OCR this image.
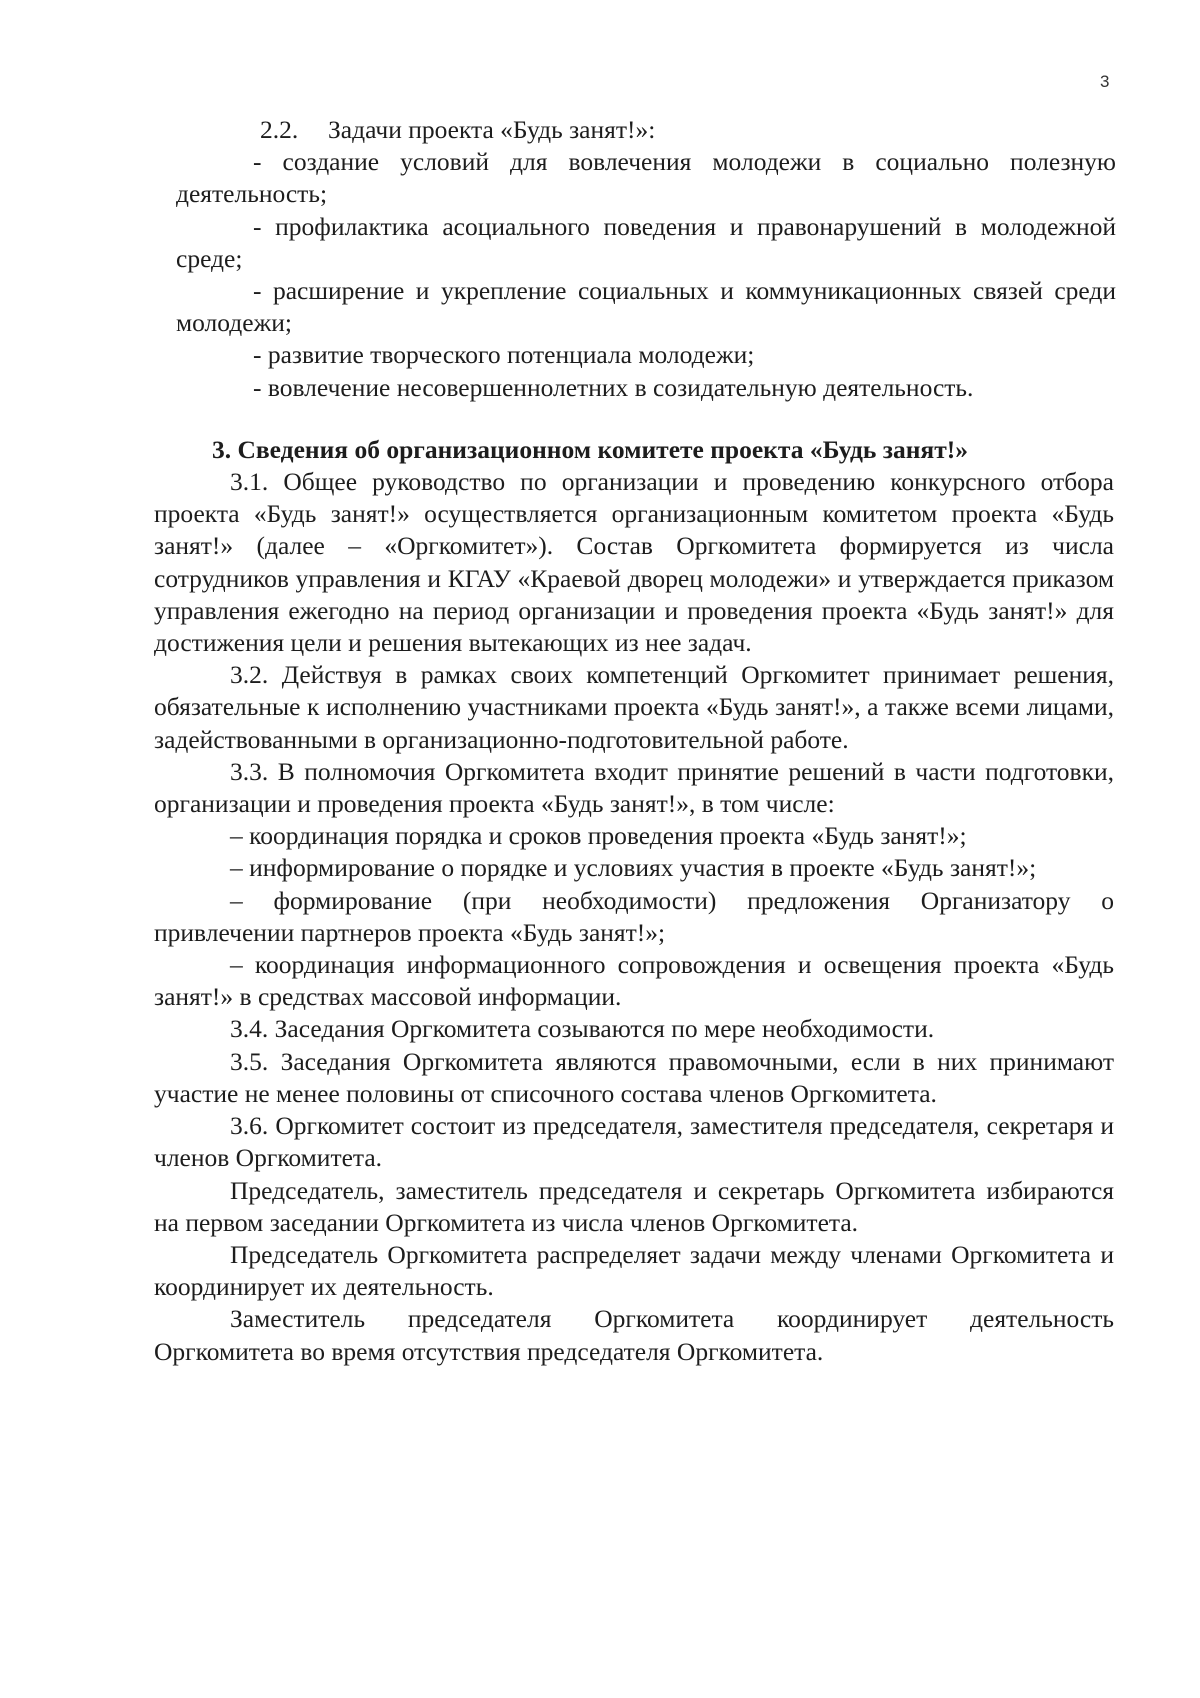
3
2.2. Задачи проекта «Будь занят!»:

- создание условий для вовлечения молодежи в социально полезную деятельность;

- профилактика асоциального поведения и правонарушений в молодежной среде;

- расширение и укрепление социальных и коммуникационных связей среди молодежи;

- развитие творческого потенциала молодежи;

- вовлечение несовершеннолетних в созидательную деятельность.

3. Сведения об организационном комитете проекта «Будь занят!»

3.1. Общее руководство по организации и проведению конкурсного отбора проекта «Будь занят!» осуществляется организационным комитетом проекта «Будь занят!» (далее – «Оргкомитет»). Состав Оргкомитета формируется из числа сотрудников управления и КГАУ «Краевой дворец молодежи» и утверждается приказом управления ежегодно на период организации и проведения проекта «Будь занят!» для достижения цели и решения вытекающих из нее задач.

3.2. Действуя в рамках своих компетенций Оргкомитет принимает решения, обязательные к исполнению участниками проекта «Будь занят!», а также всеми лицами, задействованными в организационно-подготовительной работе.

3.3. В полномочия Оргкомитета входит принятие решений в части подготовки, организации и проведения проекта «Будь занят!», в том числе:

– координация порядка и сроков проведения проекта «Будь занят!»;

– информирование о порядке и условиях участия в проекте «Будь занят!»;

– формирование (при необходимости) предложения Организатору о привлечении партнеров проекта «Будь занят!»;

– координация информационного сопровождения и освещения проекта «Будь занят!» в средствах массовой информации.

3.4. Заседания Оргкомитета созываются по мере необходимости.

3.5. Заседания Оргкомитета являются правомочными, если в них принимают участие не менее половины от списочного состава членов Оргкомитета.

3.6. Оргкомитет состоит из председателя, заместителя председателя, секретаря и членов Оргкомитета.

Председатель, заместитель председателя и секретарь Оргкомитета избираются на первом заседании Оргкомитета из числа членов Оргкомитета.

Председатель Оргкомитета распределяет задачи между членами Оргкомитета и координирует их деятельность.

Заместитель председателя Оргкомитета координирует деятельность Оргкомитета во время отсутствия председателя Оргкомитета.
